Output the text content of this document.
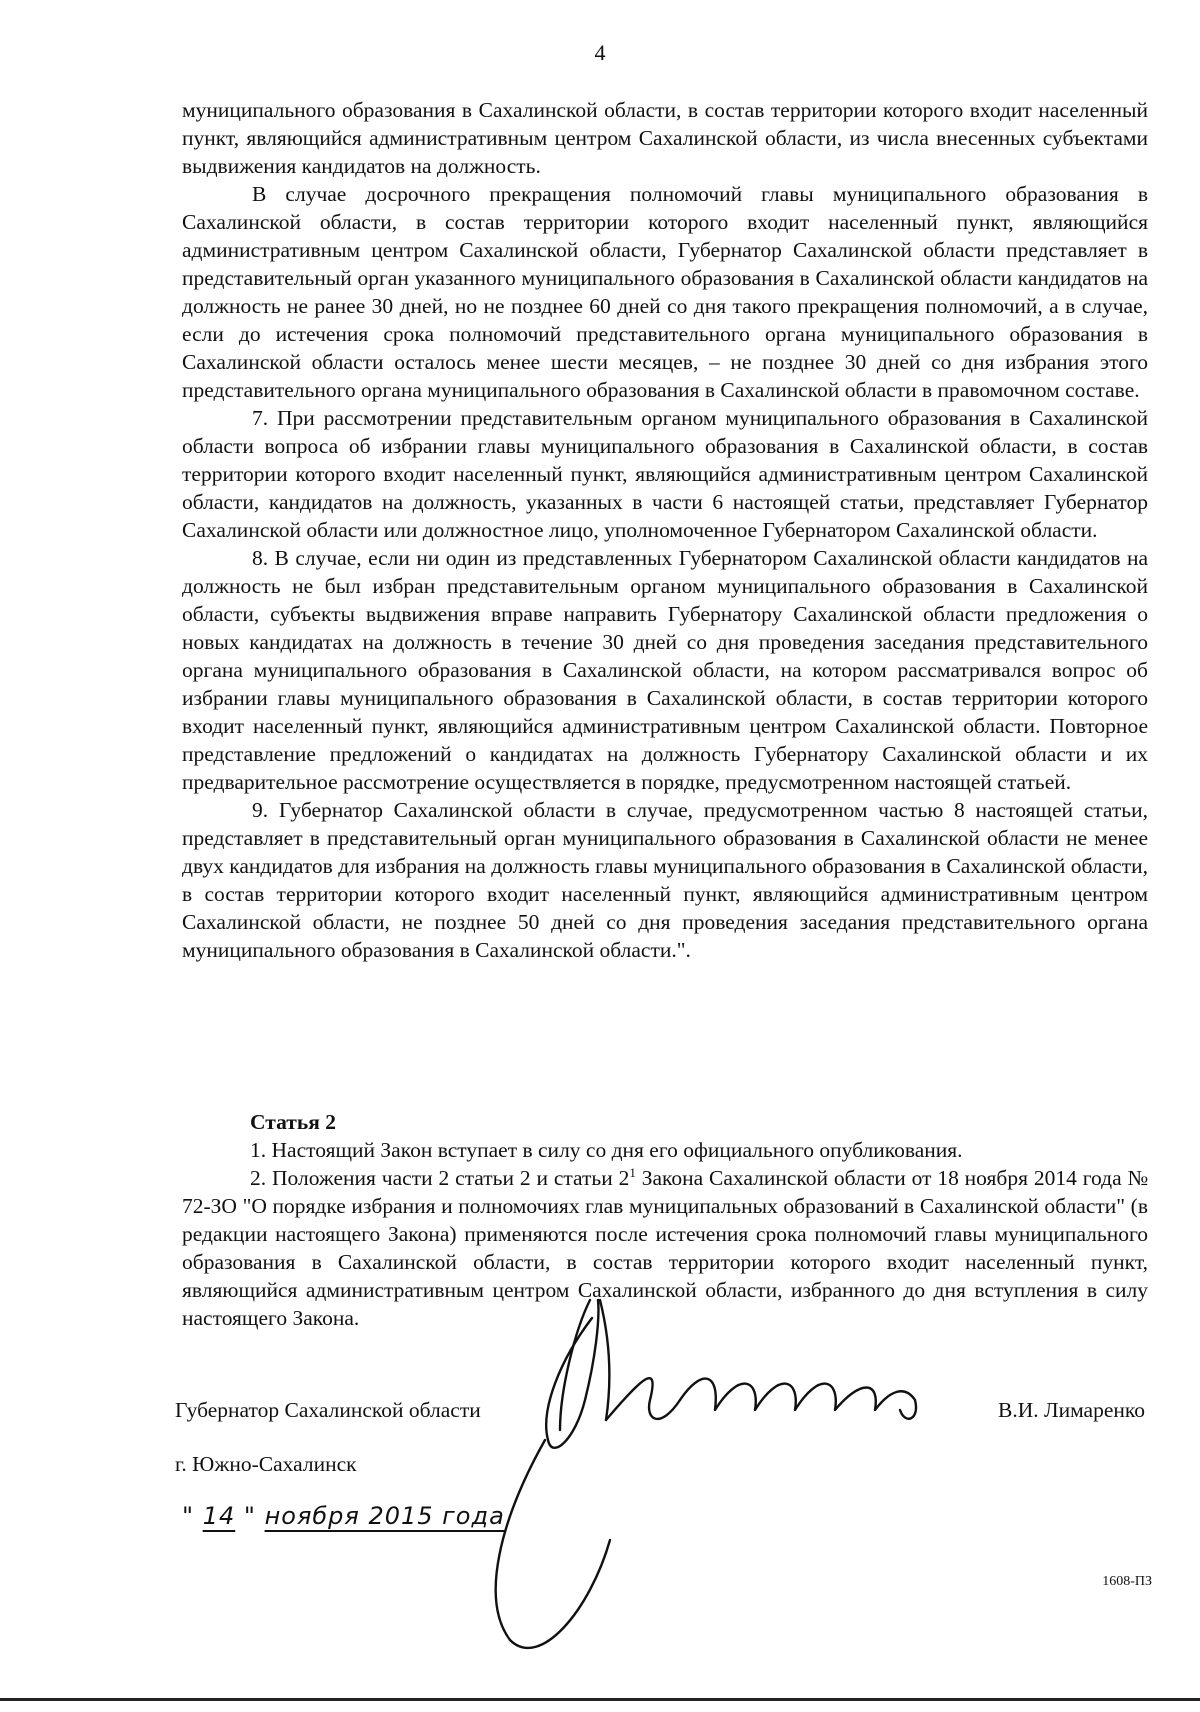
4

муниципального образования в Сахалинской области, в состав территории которого входит населенный пункт, являющийся административным центром Сахалинской области, из числа внесенных субъектами выдвижения кандидатов на должность.

В случае досрочного прекращения полномочий главы муниципального образования в Сахалинской области, в состав территории которого входит населенный пункт, являющийся административным центром Сахалинской области, Губернатор Сахалинской области представляет в представительный орган указанного муниципального образования в Сахалинской области кандидатов на должность не ранее 30 дней, но не позднее 60 дней со дня такого прекращения полномочий, а в случае, если до истечения срока полномочий представительного органа муниципального образования в Сахалинской области осталось менее шести месяцев, – не позднее 30 дней со дня избрания этого представительного органа муниципального образования в Сахалинской области в правомочном составе.

7. При рассмотрении представительным органом муниципального образования в Сахалинской области вопроса об избрании главы муниципального образования в Сахалинской области, в состав территории которого входит населенный пункт, являющийся административным центром Сахалинской области, кандидатов на должность, указанных в части 6 настоящей статьи, представляет Губернатор Сахалинской области или должностное лицо, уполномоченное Губернатором Сахалинской области.

8. В случае, если ни один из представленных Губернатором Сахалинской области кандидатов на должность не был избран представительным органом муниципального образования в Сахалинской области, субъекты выдвижения вправе направить Губернатору Сахалинской области предложения о новых кандидатах на должность в течение 30 дней со дня проведения заседания представительного органа муниципального образования в Сахалинской области, на котором рассматривался вопрос об избрании главы муниципального образования в Сахалинской области, в состав территории которого входит населенный пункт, являющийся административным центром Сахалинской области. Повторное представление предложений о кандидатах на должность Губернатору Сахалинской области и их предварительное рассмотрение осуществляется в порядке, предусмотренном настоящей статьей.

9. Губернатор Сахалинской области в случае, предусмотренном частью 8 настоящей статьи, представляет в представительный орган муниципального образования в Сахалинской области не менее двух кандидатов для избрания на должность главы муниципального образования в Сахалинской области, в состав территории которого входит населенный пункт, являющийся административным центром Сахалинской области, не позднее 50 дней со дня проведения заседания представительного органа муниципального образования в Сахалинской области.".

Статья 2

1. Настоящий Закон вступает в силу со дня его официального опубликования.

2. Положения части 2 статьи 2 и статьи $2^1$ Закона Сахалинской области от 18 ноября 2014 года № 72-ЗО "О порядке избрания и полномочиях глав муниципальных образований в Сахалинской области" (в редакции настоящего Закона) применяются после истечения срока полномочий главы муниципального образования в Сахалинской области, в состав территории которого входит населенный пункт, являющийся административным центром Сахалинской области, избранного до дня вступления в силу настоящего Закона.

Губернатор Сахалинской области	В.И. Лимаренко
г. Южно-Сахалинск
" 14 " ноября 2015 года
1608-ПЗ
